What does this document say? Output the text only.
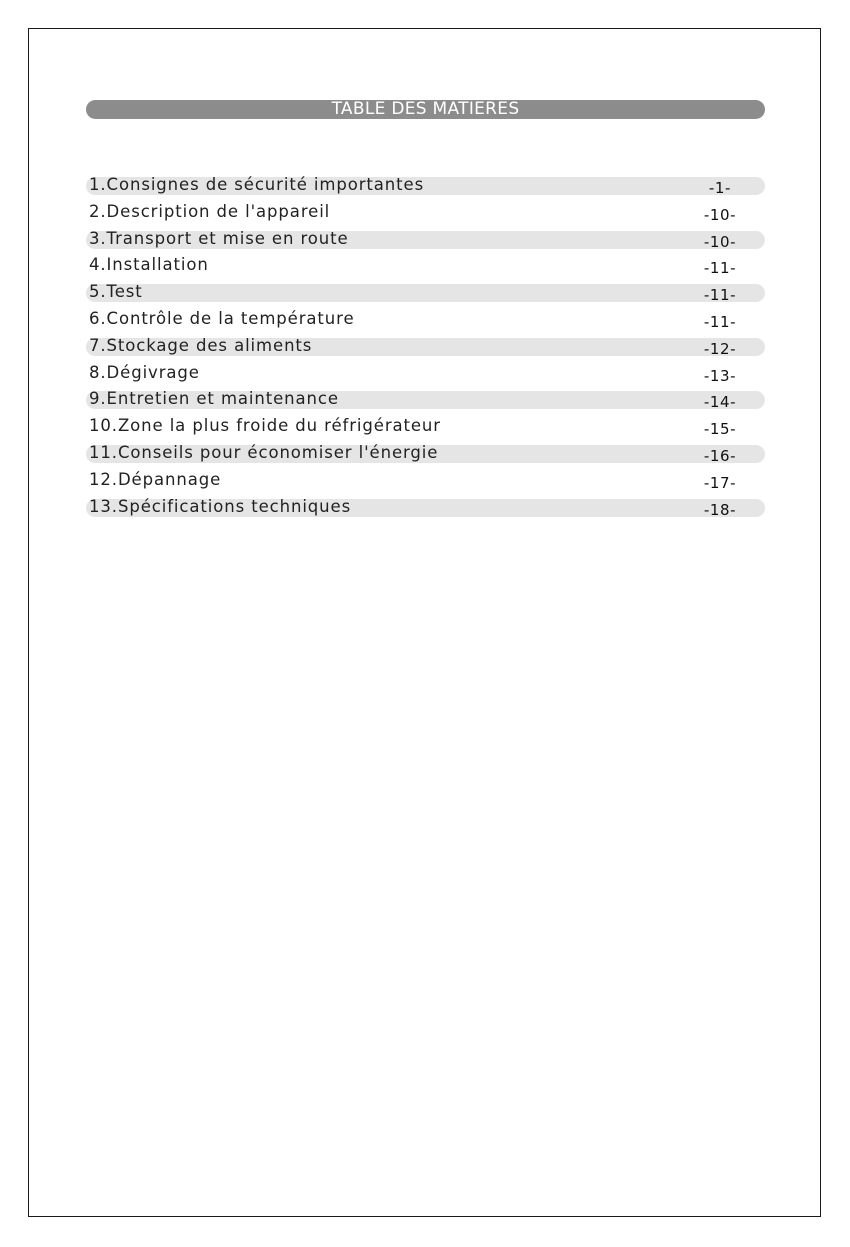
TABLE DES MATIERES
1.Consignes de sécurité importantes	-1-
2.Description de l'appareil	-10-
3.Transport et mise en route	-10-
4.Installation	-11-
5.Test	-11-
6.Contrôle de la température	-11-
7.Stockage des aliments	-12-
8.Dégivrage	-13-
9.Entretien et maintenance	-14-
10.Zone la plus froide du réfrigérateur	-15-
11.Conseils pour économiser l'énergie	-16-
12.Dépannage	-17-
13.Spécifications techniques	-18-
